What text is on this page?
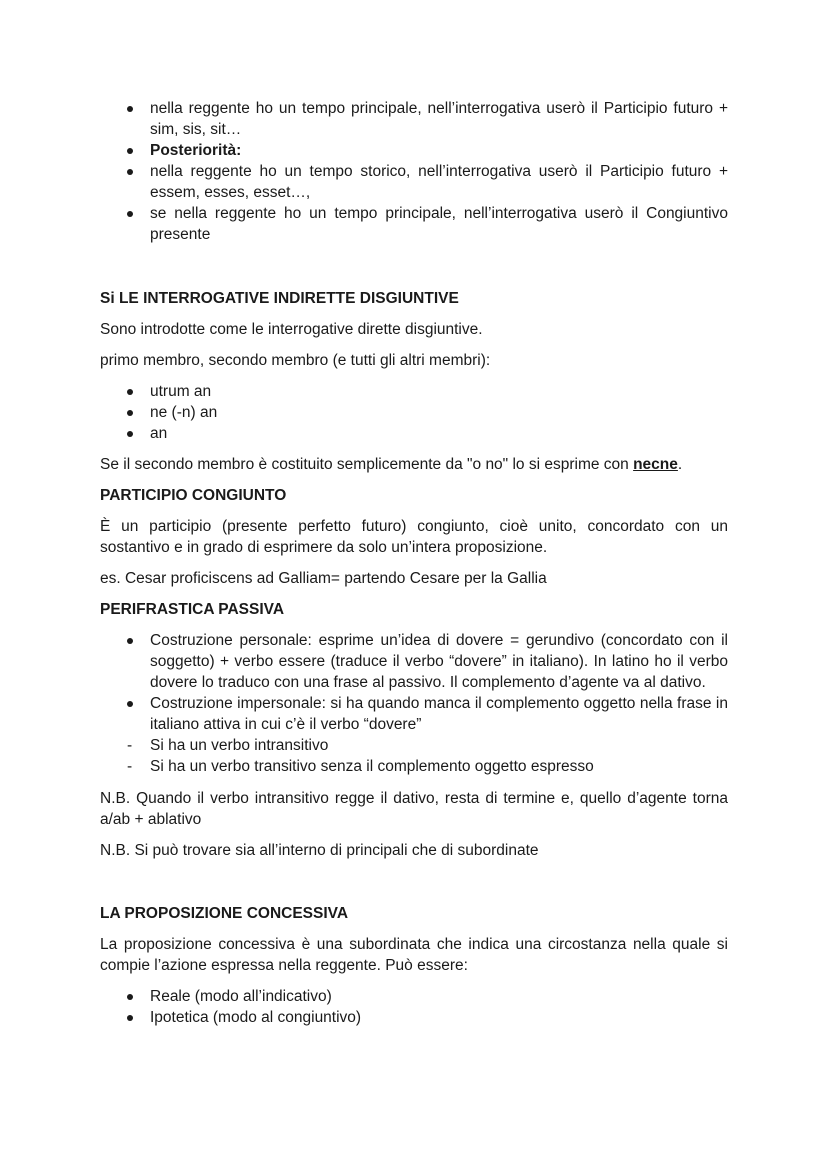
nella reggente ho un tempo principale, nell’interrogativa userò il Participio futuro + sim, sis, sit…
Posteriorità:
nella reggente ho un tempo storico, nell’interrogativa userò il Participio futuro + essem, esses, esset…,
se nella reggente ho un tempo principale, nell’interrogativa userò il Congiuntivo presente

Si LE INTERROGATIVE INDIRETTE DISGIUNTIVE

Sono introdotte come le interrogative dirette disgiuntive.

primo membro, secondo membro (e tutti gli altri membri):

utrum an
ne (-n) an
an

Se il secondo membro è costituito semplicemente da "o no" lo si esprime con necne.

PARTICIPIO CONGIUNTO

È un participio (presente perfetto futuro) congiunto, cioè unito, concordato con un sostantivo e in grado di esprimere da solo un’intera proposizione.

es. Cesar proficiscens ad Galliam= partendo Cesare per la Gallia

PERIFRASTICA PASSIVA

Costruzione personale: esprime un’idea di dovere = gerundivo (concordato con il soggetto) + verbo essere (traduce il verbo “dovere” in italiano). In latino ho il verbo dovere lo traduco con una frase al passivo. Il complemento d’agente va al dativo.
Costruzione impersonale: si ha quando manca il complemento oggetto nella frase in italiano attiva in cui c’è il verbo “dovere”
- Si ha un verbo intransitivo
- Si ha un verbo transitivo senza il complemento oggetto espresso

N.B. Quando il verbo intransitivo regge il dativo, resta di termine e, quello d’agente torna a/ab + ablativo

N.B. Si può trovare sia all’interno di principali che di subordinate

LA PROPOSIZIONE CONCESSIVA

La proposizione concessiva è una subordinata che indica una circostanza nella quale si compie l’azione espressa nella reggente. Può essere:

Reale (modo all’indicativo)
Ipotetica (modo al congiuntivo)
